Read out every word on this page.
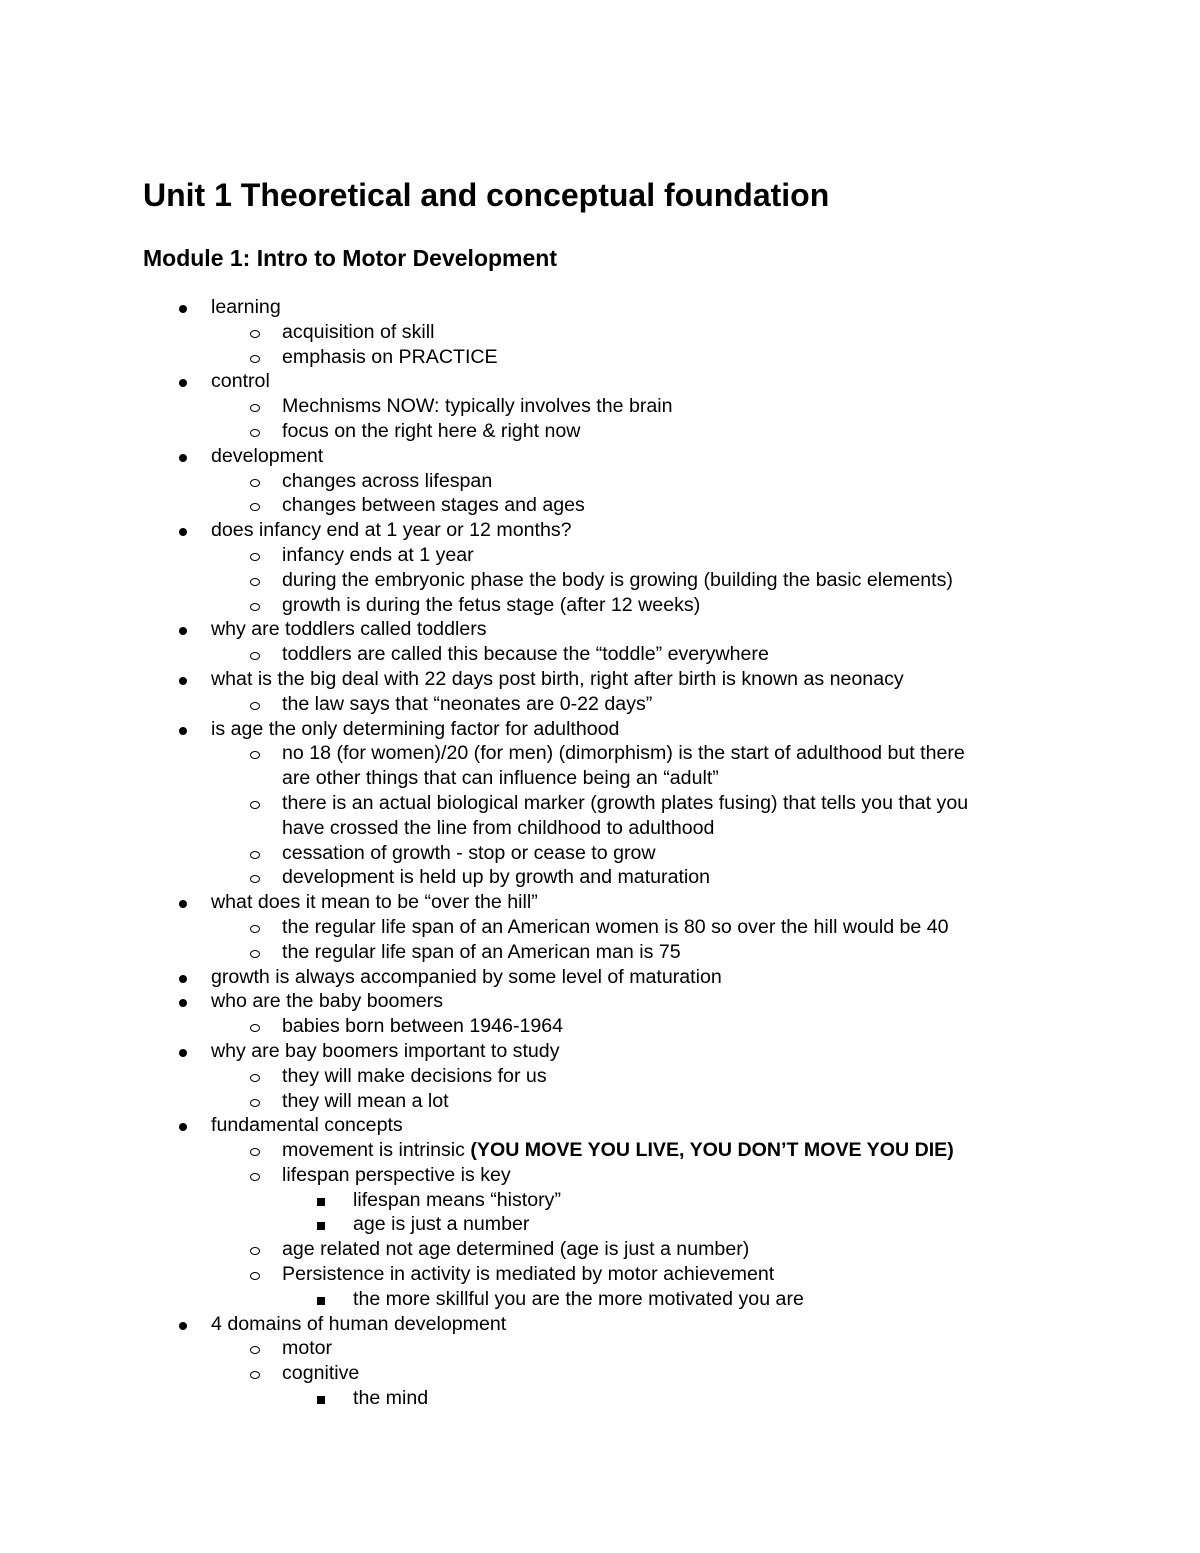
Unit 1 Theoretical and conceptual foundation
Module 1: Intro to Motor Development
learning
acquisition of skill
emphasis on PRACTICE
control
Mechnisms NOW: typically involves the brain
focus on the right here & right now
development
changes across lifespan
changes between stages and ages
does infancy end at 1 year or 12 months?
infancy ends at 1 year
during the embryonic phase the body is growing (building the basic elements)
growth is during the fetus stage (after 12 weeks)
why are toddlers called toddlers
toddlers are called this because the “toddle” everywhere
what is the big deal with 22 days post birth, right after birth is known as neonacy
the law says that “neonates are 0-22 days”
is age the only determining factor for adulthood
no 18 (for women)/20 (for men) (dimorphism) is the start of adulthood but there
are other things that can influence being an “adult”
there is an actual biological marker (growth plates fusing) that tells you that you
have crossed the line from childhood to adulthood
cessation of growth - stop or cease to grow
development is held up by growth and maturation
what does it mean to be “over the hill”
the regular life span of an American women is 80 so over the hill would be 40
the regular life span of an American man is 75
growth is always accompanied by some level of maturation
who are the baby boomers
babies born between 1946-1964
why are bay boomers important to study
they will make decisions for us
they will mean a lot
fundamental concepts
movement is intrinsic (YOU MOVE YOU LIVE, YOU DON’T MOVE YOU DIE)
lifespan perspective is key
lifespan means “history”
age is just a number
age related not age determined (age is just a number)
Persistence in activity is mediated by motor achievement
the more skillful you are the more motivated you are
4 domains of human development
motor
cognitive
the mind
